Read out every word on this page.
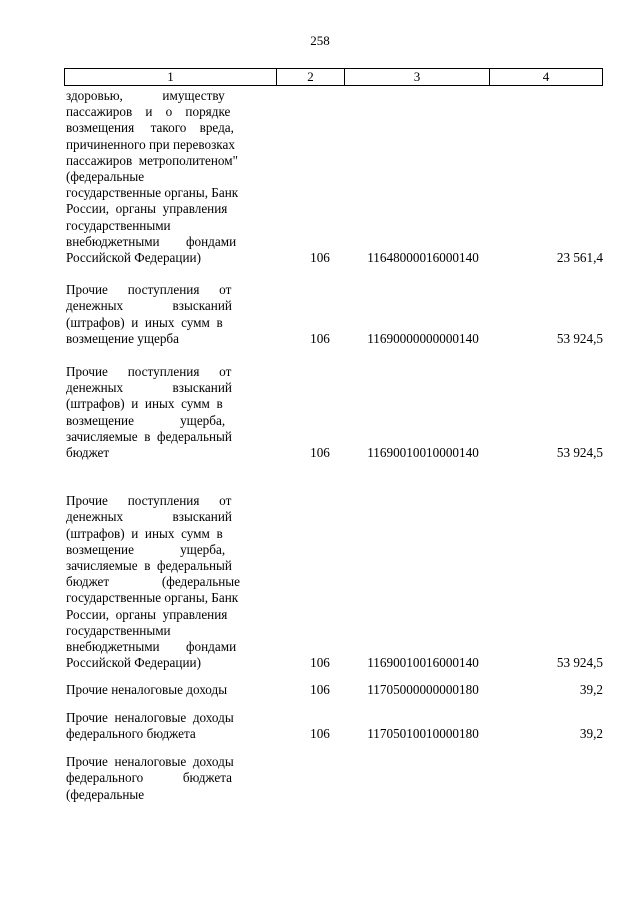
258
1	2	3	4
здоровью,            имуществу
пассажиров    и    о    порядке
возмещения     такого    вреда,
причиненного при перевозках
пассажиров  метрополитеном"
(федеральные
государственные органы, Банк
России,  органы  управления
государственными
внебюджетными        фондами
Российской Федерации)	106	11648000016000140	23 561,4
Прочие      поступления      от
денежных               взысканий
(штрафов)  и  иных  сумм  в
возмещение ущерба	106	11690000000000140	53 924,5
Прочие      поступления      от
денежных               взысканий
(штрафов)  и  иных  сумм  в
возмещение              ущерба,
зачисляемые  в  федеральный
бюджет	106	11690010010000140	53 924,5
Прочие      поступления      от
денежных               взысканий
(штрафов)  и  иных  сумм  в
возмещение              ущерба,
зачисляемые  в  федеральный
бюджет                (федеральные
государственные органы, Банк
России,  органы  управления
государственными
внебюджетными        фондами
Российской Федерации)	106	11690010016000140	53 924,5
Прочие неналоговые доходы	106	11705000000000180	39,2
Прочие  неналоговые  доходы
федерального бюджета	106	11705010010000180	39,2
Прочие  неналоговые  доходы
федерального            бюджета
(федеральные
